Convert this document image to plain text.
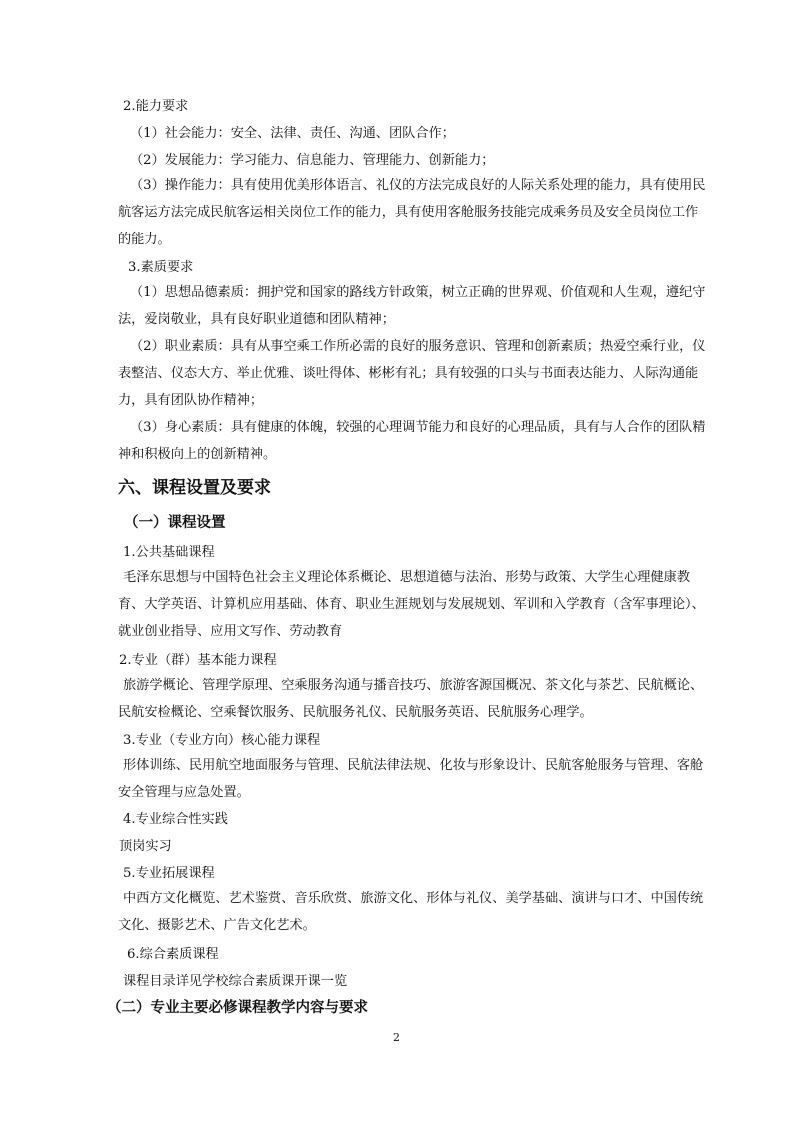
2.能力要求
（1）社会能力：安全、法律、责任、沟通、团队合作；
（2）发展能力：学习能力、信息能力、管理能力、创新能力；
（3）操作能力：具有使用优美形体语言、礼仪的方法完成良好的人际关系处理的能力，具有使用民航客运方法完成民航客运相关岗位工作的能力，具有使用客舱服务技能完成乘务员及安全员岗位工作的能力。
3.素质要求
（1）思想品德素质：拥护党和国家的路线方针政策，树立正确的世界观、价值观和人生观，遵纪守法，爱岗敬业，具有良好职业道德和团队精神；
（2）职业素质：具有从事空乘工作所必需的良好的服务意识、管理和创新素质；热爱空乘行业，仪表整洁、仪态大方、举止优雅、谈吐得体、彬彬有礼；具有较强的口头与书面表达能力、人际沟通能力，具有团队协作精神；
（3）身心素质：具有健康的体魄，较强的心理调节能力和良好的心理品质，具有与人合作的团队精神和积极向上的创新精神。
六、课程设置及要求
（一）课程设置
1.公共基础课程
毛泽东思想与中国特色社会主义理论体系概论、思想道德与法治、形势与政策、大学生心理健康教育、大学英语、计算机应用基础、体育、职业生涯规划与发展规划、军训和入学教育（含军事理论）、就业创业指导、应用文写作、劳动教育
2.专业（群）基本能力课程
旅游学概论、管理学原理、空乘服务沟通与播音技巧、旅游客源国概况、茶文化与茶艺、民航概论、民航安检概论、空乘餐饮服务、民航服务礼仪、民航服务英语、民航服务心理学。
3.专业（专业方向）核心能力课程
形体训练、民用航空地面服务与管理、民航法律法规、化妆与形象设计、民航客舱服务与管理、客舱安全管理与应急处置。
4.专业综合性实践
顶岗实习
5.专业拓展课程
中西方文化概览、艺术鉴赏、音乐欣赏、旅游文化、形体与礼仪、美学基础、演讲与口才、中国传统文化、摄影艺术、广告文化艺术。
6.综合素质课程
课程目录详见学校综合素质课开课一览
（二）专业主要必修课程教学内容与要求
2
